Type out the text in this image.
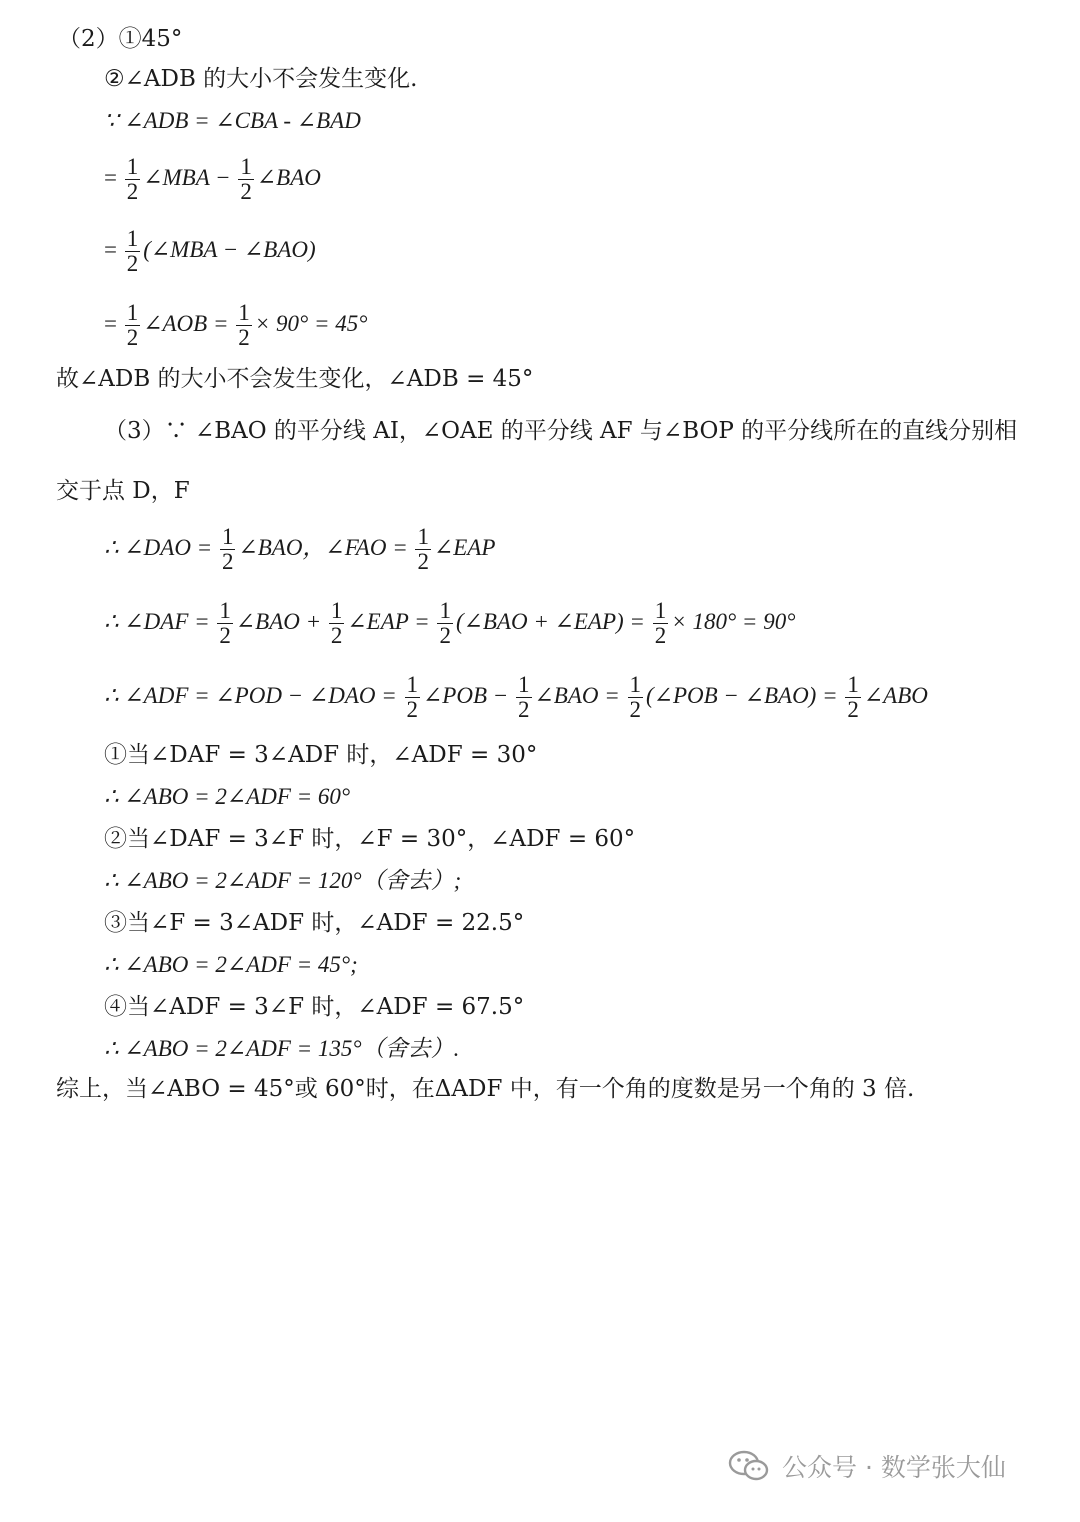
（2）①45°
②∠ADB 的大小不会发生变化.
∵ ∠ADB = ∠CBA - ∠BAD
= $\frac{1}{2}$ ∠MBA − $\frac{1}{2}$ ∠BAO
= $\frac{1}{2}$ (∠MBA − ∠BAO)
= $\frac{1}{2}$ ∠AOB = $\frac{1}{2} \times 90^\circ = 45^\circ$
故∠ADB 的大小不会发生变化，∠ADB = 45°
（3）∵ ∠BAO 的平分线 AI，∠OAE 的平分线 AF 与∠BOP 的平分线所在的直线分别相
交于点 D，F
∴ ∠DAO = $\frac{1}{2}$ ∠BAO，∠FAO = $\frac{1}{2}$ ∠EAP
∴ ∠DAF = $\frac{1}{2}$ ∠BAO + $\frac{1}{2}$ ∠EAP = $\frac{1}{2}$ (∠BAO + ∠EAP) = $\frac{1}{2} \times 180^\circ = 90^\circ$
∴ ∠ADF = ∠POD − ∠DAO = $\frac{1}{2}$ ∠POB − $\frac{1}{2}$ ∠BAO = $\frac{1}{2}$ (∠POB − ∠BAO) = $\frac{1}{2}$ ∠ABO
①当∠DAF = 3∠ADF 时，∠ADF = 30°
∴ ∠ABO = 2∠ADF = 60°
②当∠DAF = 3∠F 时，∠F = 30°，∠ADF = 60°
∴ ∠ABO = 2∠ADF = 120°（舍去）;
③当∠F = 3∠ADF 时，∠ADF = 22.5°
∴ ∠ABO = 2∠ADF = 45°;
④当∠ADF = 3∠F 时，∠ADF = 67.5°
∴ ∠ABO = 2∠ADF = 135°（舍去）.
综上，当∠ABO = 45°或 60°时，在ΔADF 中，有一个角的度数是另一个角的 3 倍.
公众号 · 数学张大仙
